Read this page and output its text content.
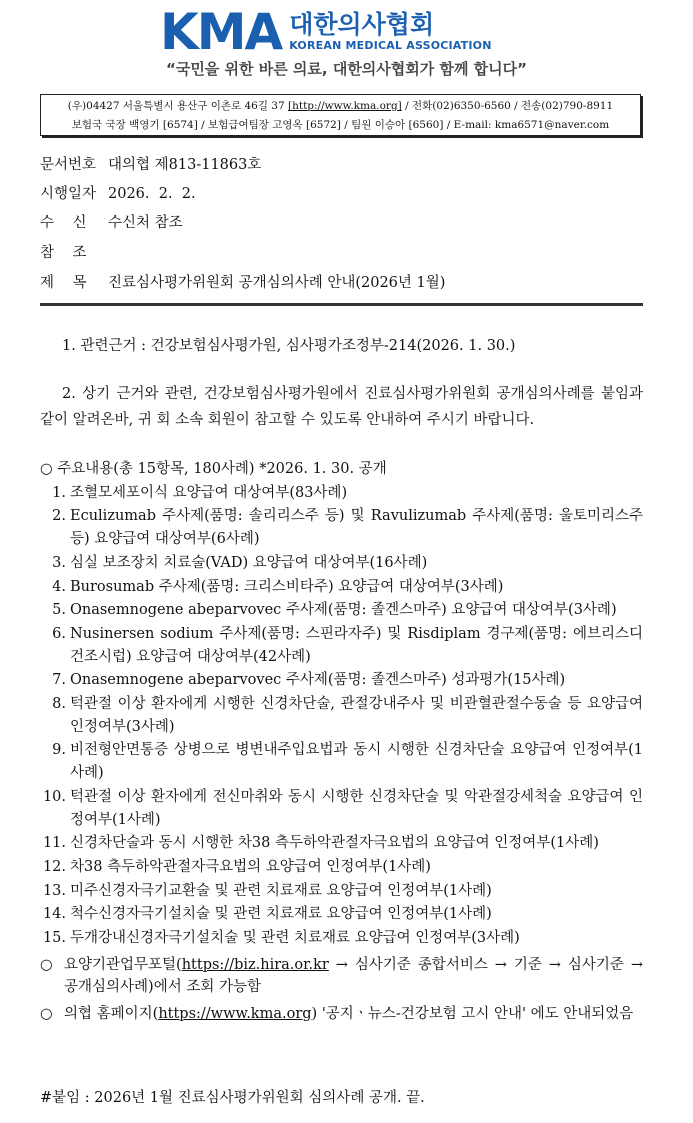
KMA 대한의사협회
KOREAN MEDICAL ASSOCIATION
“국민을 위한 바른 의료, 대한의사협회가 함께 합니다”
(우)04427 서울특별시 용산구 이촌로 46길 37 [http://www.kma.org] / 전화(02)6350-6560 / 전송(02)790-8911
보험국 국장 백영기 [6574] / 보험급여팀장 고영옥 [6572] / 팀원 이승아 [6560] / E-mail: kma6571@naver.com
문서번호 대의협 제813-11863호
시행일자 2026.  2.  2.
수    신 수신처 참조
참    조
제    목 진료심사평가위원회 공개심의사례 안내(2026년 1월)
1. 관련근거 : 건강보험심사평가원, 심사평가조정부-214(2026. 1. 30.)
2. 상기 근거와 관련, 건강보험심사평가원에서 진료심사평가위원회 공개심의사례를 붙임과 같이 알려온바, 귀 회 소속 회원이 참고할 수 있도록 안내하여 주시기 바랍니다.
○ 주요내용(총 15항목, 180사례) *2026. 1. 30. 공개
1. 조혈모세포이식 요양급여 대상여부(83사례)
2. Eculizumab 주사제(품명: 솔리리스주 등) 및 Ravulizumab 주사제(품명: 울토미리스주 등) 요양급여 대상여부(6사례)
3. 심실 보조장치 치료술(VAD) 요양급여 대상여부(16사례)
4. Burosumab 주사제(품명: 크리스비타주) 요양급여 대상여부(3사례)
5. Onasemnogene abeparvovec 주사제(품명: 졸겐스마주) 요양급여 대상여부(3사례)
6. Nusinersen sodium 주사제(품명: 스핀라자주) 및 Risdiplam 경구제(품명: 에브리스디건조시럽) 요양급여 대상여부(42사례)
7. Onasemnogene abeparvovec 주사제(품명: 졸겐스마주) 성과평가(15사례)
8. 턱관절 이상 환자에게 시행한 신경차단술, 관절강내주사 및 비관혈관절수동술 등 요양급여 인정여부(3사례)
9. 비전형안면통증 상병으로 병변내주입요법과 동시 시행한 신경차단술 요양급여 인정여부(1사례)
10. 턱관절 이상 환자에게 전신마취와 동시 시행한 신경차단술 및 악관절강세척술 요양급여 인정여부(1사례)
11. 신경차단술과 동시 시행한 차38 측두하악관절자극요법의 요양급여 인정여부(1사례)
12. 차38 측두하악관절자극요법의 요양급여 인정여부(1사례)
13. 미주신경자극기교환술 및 관련 치료재료 요양급여 인정여부(1사례)
14. 척수신경자극기설치술 및 관련 치료재료 요양급여 인정여부(1사례)
15. 두개강내신경자극기설치술 및 관련 치료재료 요양급여 인정여부(3사례)
○ 요양기관업무포털(https://biz.hira.or.kr → 심사기준 종합서비스 → 기준 → 심사기준 → 공개심의사례)에서 조회 가능함
○ 의협 홈페이지(https://www.kma.org) '공지ㆍ뉴스-건강보험 고시 안내' 에도 안내되었음
#붙임 : 2026년 1월 진료심사평가위원회 심의사례 공개. 끝.
